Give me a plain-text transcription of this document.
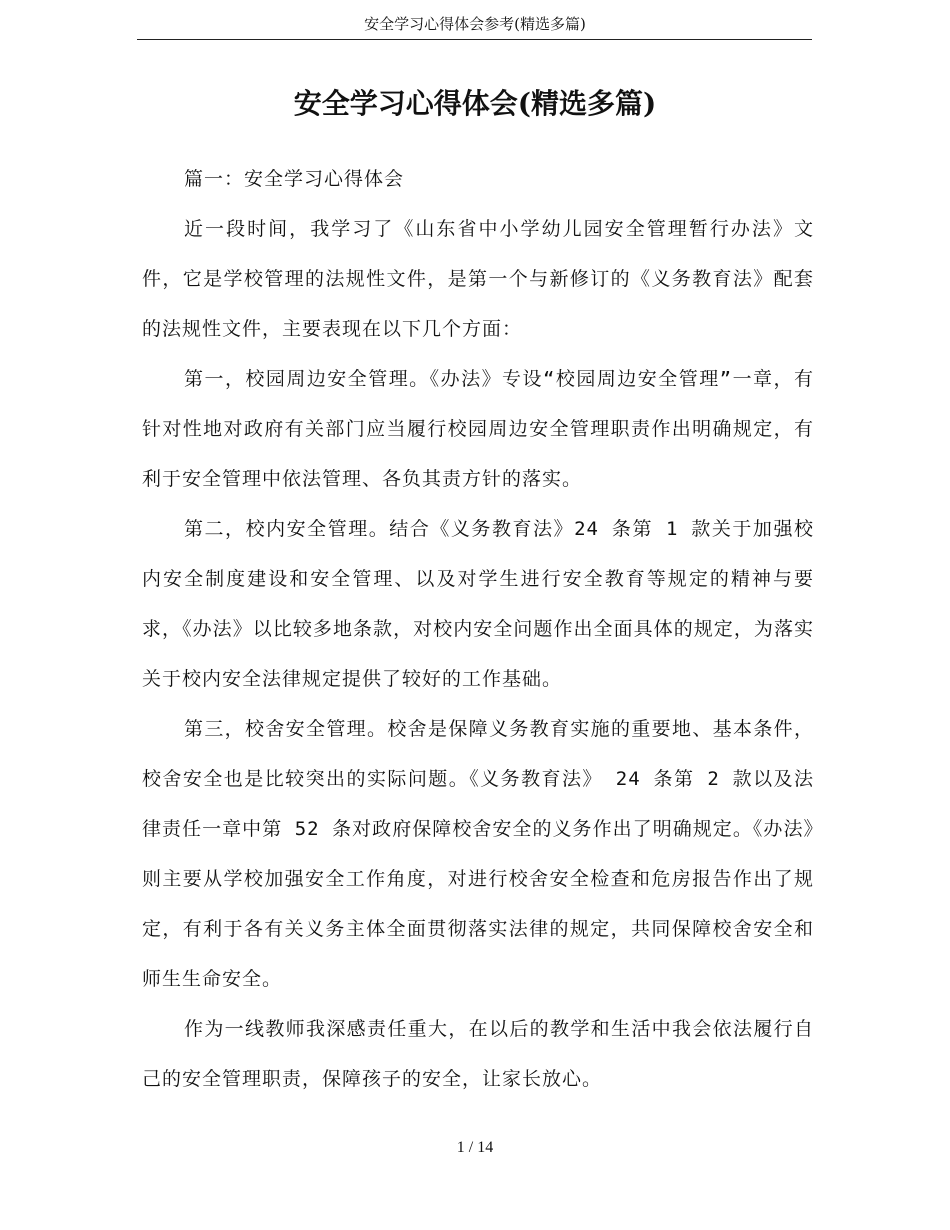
安全学习心得体会参考(精选多篇)
安全学习心得体会(精选多篇)

篇一：安全学习心得体会

近一段时间，我学习了《山东省中小学幼儿园安全管理暂行办法》文件，它是学校管理的法规性文件，是第一个与新修订的《义务教育法》配套的法规性文件，主要表现在以下几个方面：

第一，校园周边安全管理。《办法》专设“校园周边安全管理”一章，有针对性地对政府有关部门应当履行校园周边安全管理职责作出明确规定，有利于安全管理中依法管理、各负其责方针的落实。

第二，校内安全管理。结合《义务教育法》24 条第 1 款关于加强校内安全制度建设和安全管理、以及对学生进行安全教育等规定的精神与要求，《办法》以比较多地条款，对校内安全问题作出全面具体的规定，为落实关于校内安全法律规定提供了较好的工作基础。

第三，校舍安全管理。校舍是保障义务教育实施的重要地、基本条件，校舍安全也是比较突出的实际问题。《义务教育法》 24 条第 2 款以及法律责任一章中第 52 条对政府保障校舍安全的义务作出了明确规定。《办法》则主要从学校加强安全工作角度，对进行校舍安全检查和危房报告作出了规定，有利于各有关义务主体全面贯彻落实法律的规定，共同保障校舍安全和师生生命安全。

作为一线教师我深感责任重大，在以后的教学和生活中我会依法履行自己的安全管理职责，保障孩子的安全，让家长放心。

1 / 14
